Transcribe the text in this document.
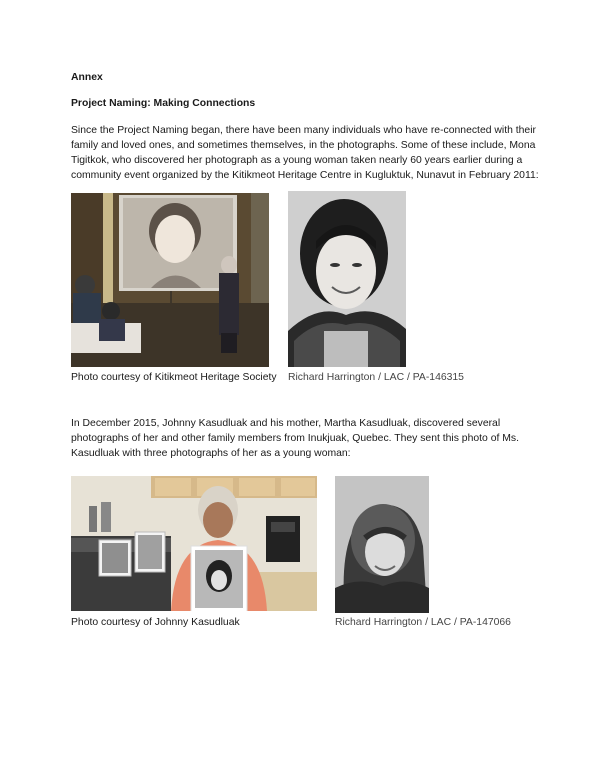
Annex
Project Naming: Making Connections
Since the Project Naming began, there have been many individuals who have re-connected with their family and loved ones, and sometimes themselves, in the photographs. Some of these include, Mona Tigitkok, who discovered her photograph as a young woman taken nearly 60 years earlier during a community event organized by the Kitikmeot Heritage Centre in Kugluktuk, Nunavut in February 2011:
Photo courtesy of Kitikmeot Heritage Society Richard Harrington / LAC / PA-146315
In December 2015, Johnny Kasudluak and his mother, Martha Kasudluak, discovered several photographs of her and other family members from Inukjuak, Quebec. They sent this photo of Ms. Kasudluak with three photographs of her as a young woman:
Photo courtesy of Johnny Kasudluak	Richard Harrington / LAC / PA-147066
